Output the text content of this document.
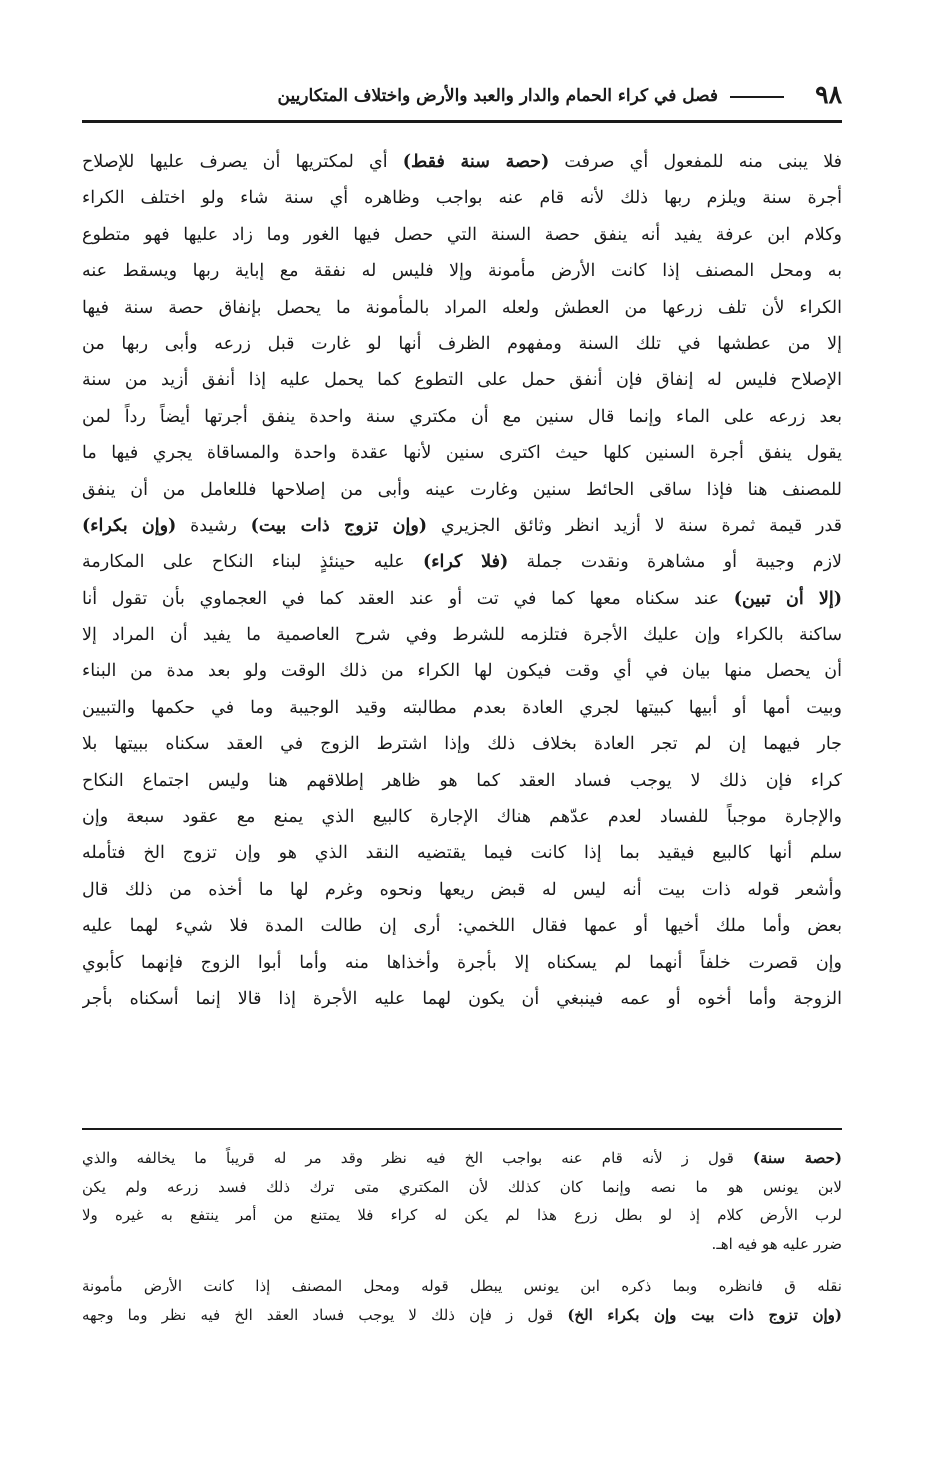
٩٨
فصل في كراء الحمام والدار والعبد والأرض واختلاف المتكاريين
فلا يبنى منه للمفعول أي صرفت (حصة سنة فقط) أي لمكتريها أن يصرف عليها للإصلاح
أجرة سنة ويلزم ربها ذلك لأنه قام عنه بواجب وظاهره أي سنة شاء ولو اختلف الكراء
وكلام ابن عرفة يفيد أنه ينفق حصة السنة التي حصل فيها الغور وما زاد عليها فهو متطوع
به ومحل المصنف إذا كانت الأرض مأمونة وإلا فليس له نفقة مع إباية ربها ويسقط عنه
الكراء لأن تلف زرعها من العطش ولعله المراد بالمأمونة ما يحصل بإنفاق حصة سنة فيها
إلا من عطشها في تلك السنة ومفهوم الظرف أنها لو غارت قبل زرعه وأبى ربها من
الإصلاح فليس له إنفاق فإن أنفق حمل على التطوع كما يحمل عليه إذا أنفق أزيد من سنة
بعد زرعه على الماء وإنما قال سنين مع أن مكتري سنة واحدة ينفق أجرتها أيضاً رداً لمن
يقول ينفق أجرة السنين كلها حيث اكترى سنين لأنها عقدة واحدة والمساقاة يجري فيها ما
للمصنف هنا فإذا ساقى الحائط سنين وغارت عينه وأبى من إصلاحها فللعامل من أن ينفق
قدر قيمة ثمرة سنة لا أزيد انظر وثائق الجزيري (وإن تزوج ذات بيت) رشيدة (وإن بكراء)
لازم وجيبة أو مشاهرة ونقدت جملة (فلا كراء) عليه حينئذٍ لبناء النكاح على المكارمة
(إلا أن تبين) عند سكناه معها كما في تت أو عند العقد كما في العجماوي بأن تقول أنا
ساكنة بالكراء وإن عليك الأجرة فتلزمه للشرط وفي شرح العاصمية ما يفيد أن المراد إلا
أن يحصل منها بيان في أي وقت فيكون لها الكراء من ذلك الوقت ولو بعد مدة من البناء
وبيت أمها أو أبيها كبيتها لجري العادة بعدم مطالبته وقيد الوجيبة وما في حكمها والتبيين
جار فيهما إن لم تجر العادة بخلاف ذلك وإذا اشترط الزوج في العقد سكناه ببيتها بلا
كراء فإن ذلك لا يوجب فساد العقد كما هو ظاهر إطلاقهم هنا وليس اجتماع النكاح
والإجارة موجباً للفساد لعدم عدّهم هناك الإجارة كالبيع الذي يمنع مع عقود سبعة وإن
سلم أنها كالبيع فيقيد بما إذا كانت فيما يقتضيه النقد الذي هو وإن تزوج الخ فتأمله
وأشعر قوله ذات بيت أنه ليس له قبض ريعها ونحوه وغرم لها ما أخذه من ذلك قال
بعض وأما ملك أخيها أو عمها فقال اللخمي: أرى إن طالت المدة فلا شيء لهما عليه
وإن قصرت خلفاً أنهما لم يسكناه إلا بأجرة وأخذاها منه وأما أبوا الزوج فإنهما كأبوي
الزوجة وأما أخوه أو عمه فينبغي أن يكون لهما عليه الأجرة إذا قالا إنما أسكناه بأجر
(حصة سنة) قول ز لأنه قام عنه بواجب الخ فيه نظر وقد مر له قريباً ما يخالفه والذي
لابن يونس هو ما نصه وإنما كان كذلك لأن المكتري متى ترك ذلك فسد زرعه ولم يكن
لرب الأرض كلام إذ لو بطل زرع هذا لم يكن له كراء فلا يمتنع من أمر ينتفع به غيره ولا
ضرر عليه هو فيه اهـ.
نقله ق فانظره وبما ذكره ابن يونس يبطل قوله ومحل المصنف إذا كانت الأرض مأمونة
(وإن تزوج ذات بيت وإن بكراء الخ) قول ز فإن ذلك لا يوجب فساد العقد الخ فيه نظر وما وجهه
